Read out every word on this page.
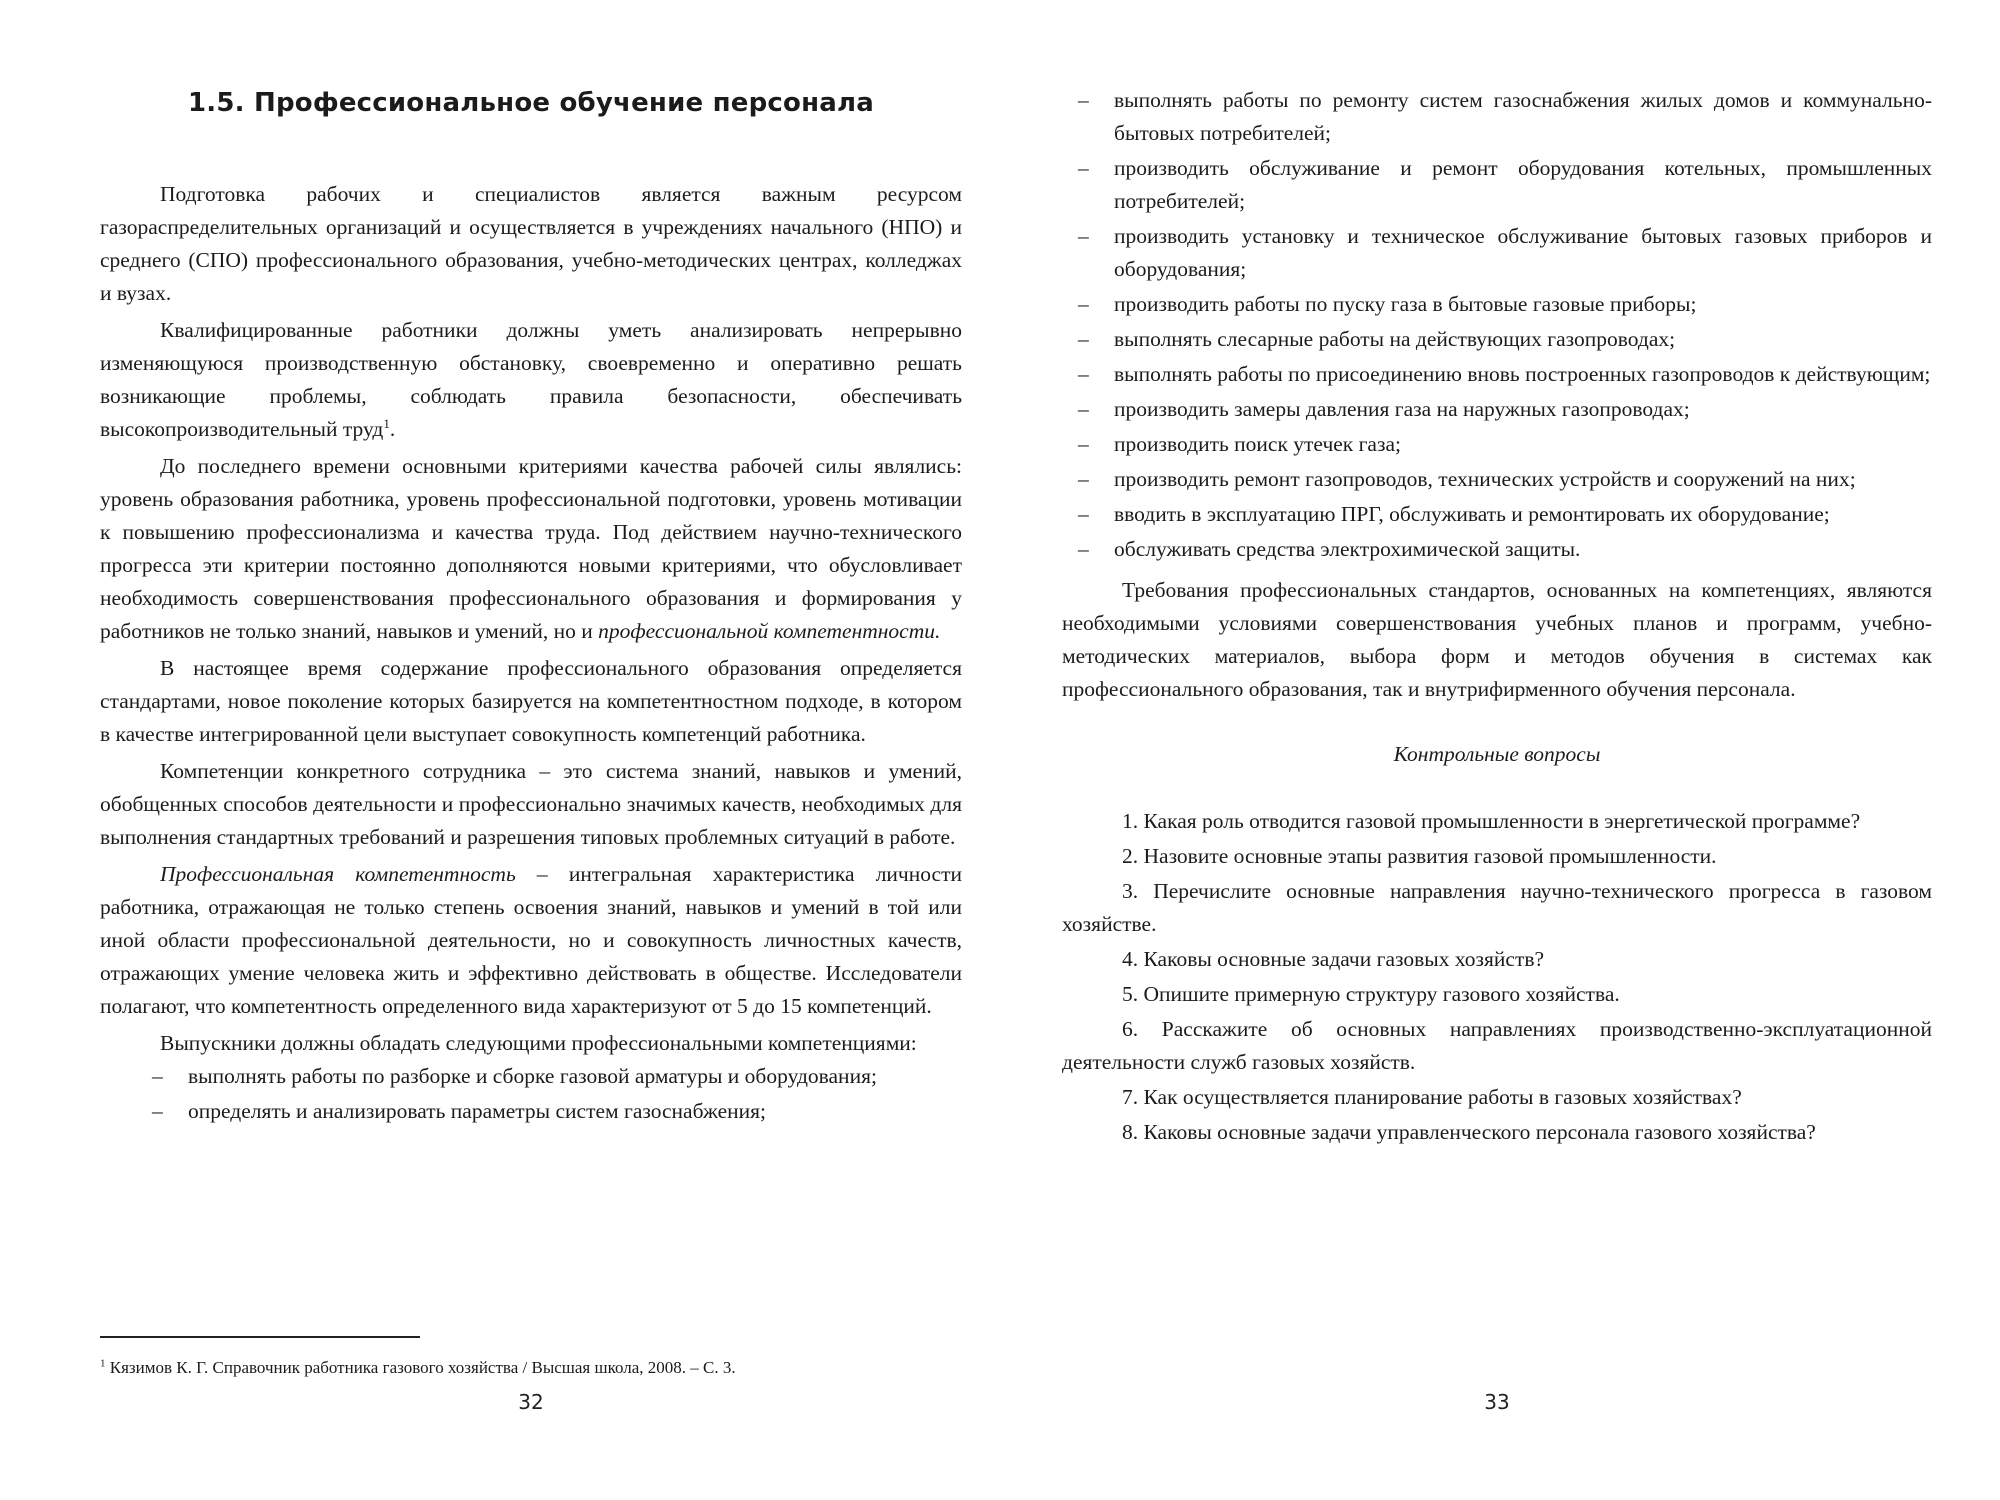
1.5. Профессиональное обучение персонала

Подготовка рабочих и специалистов является важным ресурсом газораспределительных организаций и осуществляется в учреждениях начального (НПО) и среднего (СПО) профессионального образования, учебно-методических центрах, колледжах и вузах.

Квалифицированные работники должны уметь анализировать непрерывно изменяющуюся производственную обстановку, своевременно и оперативно решать возникающие проблемы, соблюдать правила безопасности, обеспечивать высокопроизводительный труд$^1$.

До последнего времени основными критериями качества рабочей силы являлись: уровень образования работника, уровень профессиональной подготовки, уровень мотивации к повышению профессионализма и качества труда. Под действием научно-технического прогресса эти критерии постоянно дополняются новыми критериями, что обусловливает необходимость совершенствования профессионального образования и формирования у работников не только знаний, навыков и умений, но и профессиональной компетентности.

В настоящее время содержание профессионального образования определяется стандартами, новое поколение которых базируется на компетентностном подходе, в котором в качестве интегрированной цели выступает совокупность компетенций работника.

Компетенции конкретного сотрудника – это система знаний, навыков и умений, обобщенных способов деятельности и профессионально значимых качеств, необходимых для выполнения стандартных требований и разрешения типовых проблемных ситуаций в работе.

Профессиональная компетентность – интегральная характеристика личности работника, отражающая не только степень освоения знаний, навыков и умений в той или иной области профессиональной деятельности, но и совокупность личностных качеств, отражающих умение человека жить и эффективно действовать в обществе. Исследователи полагают, что компетентность определенного вида характеризуют от 5 до 15 компетенций.

Выпускники должны обладать следующими профессиональными компетенциями:

– выполнять работы по разборке и сборке газовой арматуры и оборудования;
– определять и анализировать параметры систем газоснабжения;
$^1$ Кязимов К. Г. Справочник работника газового хозяйства / Высшая школа, 2008. – С. 3.
32
– выполнять работы по ремонту систем газоснабжения жилых домов и коммунально-бытовых потребителей;
– производить обслуживание и ремонт оборудования котельных, промышленных потребителей;
– производить установку и техническое обслуживание бытовых газовых приборов и оборудования;
– производить работы по пуску газа в бытовые газовые приборы;
– выполнять слесарные работы на действующих газопроводах;
– выполнять работы по присоединению вновь построенных газопроводов к действующим;
– производить замеры давления газа на наружных газопроводах;
– производить поиск утечек газа;
– производить ремонт газопроводов, технических устройств и сооружений на них;
– вводить в эксплуатацию ПРГ, обслуживать и ремонтировать их оборудование;
– обслуживать средства электрохимической защиты.

Требования профессиональных стандартов, основанных на компетенциях, являются необходимыми условиями совершенствования учебных планов и программ, учебно-методических материалов, выбора форм и методов обучения в системах как профессионального образования, так и внутрифирменного обучения персонала.

Контрольные вопросы
1. Какая роль отводится газовой промышленности в энергетической программе?
2. Назовите основные этапы развития газовой промышленности.
3. Перечислите основные направления научно-технического прогресса в газовом хозяйстве.
4. Каковы основные задачи газовых хозяйств?
5. Опишите примерную структуру газового хозяйства.
6. Расскажите об основных направлениях производственно-эксплуатационной деятельности служб газовых хозяйств.
7. Как осуществляется планирование работы в газовых хозяйствах?
8. Каковы основные задачи управленческого персонала газового хозяйства?
33
